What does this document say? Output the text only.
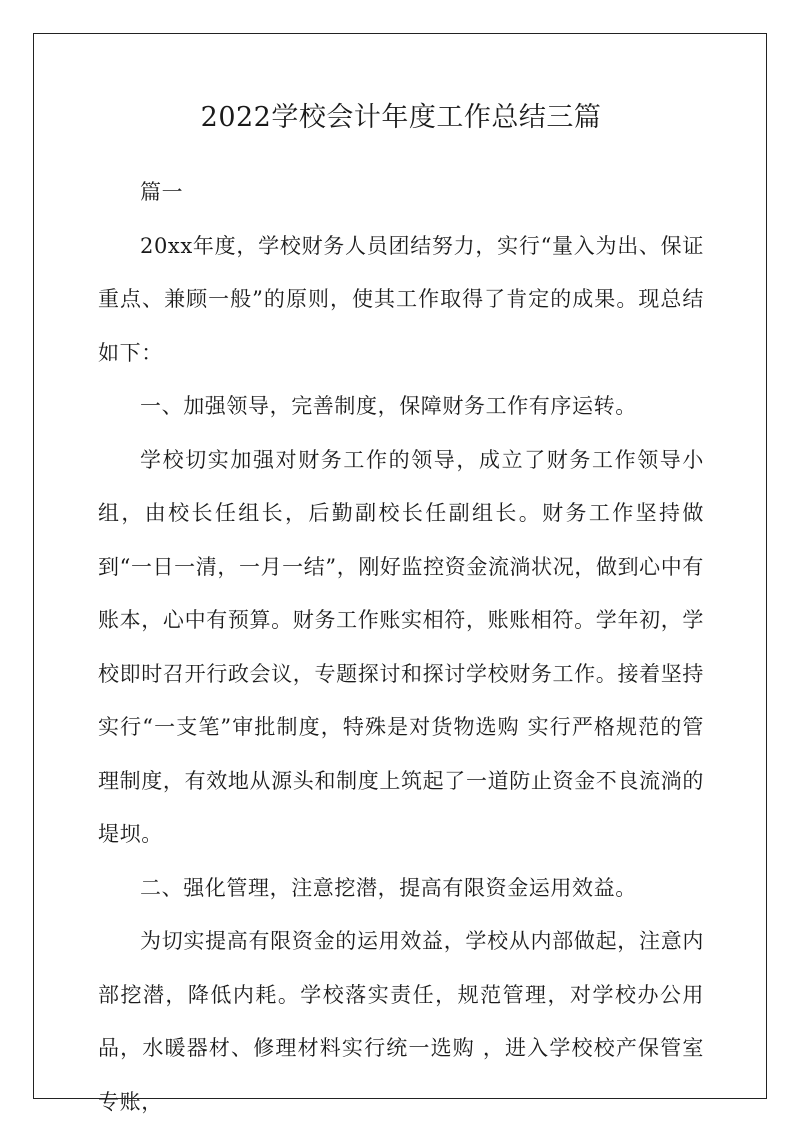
2022学校会计年度工作总结三篇

篇一

20xx年度，学校财务人员团结努力，实行“量入为出、保证重点、兼顾一般”的原则，使其工作取得了肯定的成果。现总结如下：

一、加强领导，完善制度，保障财务工作有序运转。

学校切实加强对财务工作的领导，成立了财务工作领导小组，由校长任组长，后勤副校长任副组长。财务工作坚持做到“一日一清，一月一结”，刚好监控资金流淌状况，做到心中有账本，心中有预算。财务工作账实相符，账账相符。学年初，学校即时召开行政会议，专题探讨和探讨学校财务工作。接着坚持实行“一支笔”审批制度，特殊是对货物选购 实行严格规范的管理制度，有效地从源头和制度上筑起了一道防止资金不良流淌的堤坝。

二、强化管理，注意挖潜，提高有限资金运用效益。

为切实提高有限资金的运用效益，学校从内部做起，注意内部挖潜，降低内耗。学校落实责任，规范管理，对学校办公用品，水暖器材、修理材料实行统一选购 ，进入学校校产保管室专账，
